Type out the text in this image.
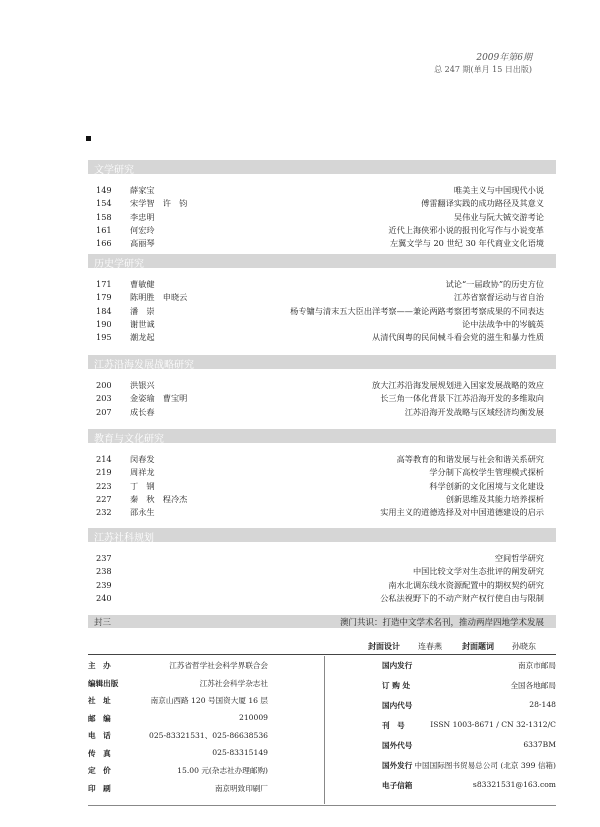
2009年第6期
总 247 期(单月 15 日出版)
文学研究
149 薛家宝	唯美主义与中国现代小说
154 宋学智　许　钧	傅雷翻译实践的成功路径及其意义
158 李忠明	吴伟业与阮大铖交游考论
161 何宏玲	近代上海侠邪小说的报刊化写作与小说变革
166 高丽琴	左翼文学与 20 世纪 30 年代商业文化语境
历史学研究
171 曹敏健	试论“一届政协”的历史方位
179 陈明胜　申晓云	江苏省察督运动与省自治
184 潘　崇	杨专镛与清末五大臣出洋考察——兼论两路考察团考察成果的不同表达
190 谢世诚	论中法战争中的岑毓英
195 潮龙起	从清代闽粤的民间械斗看会党的滋生和暴力性质
江苏沿海发展战略研究
200 洪银兴	放大江苏沿海发展规划进入国家发展战略的效应
203 金姿瑜　曹宝明	长三角一体化背景下江苏沿海开发的多维取向
207 成长春	江苏沿海开发战略与区域经济均衡发展
教育与文化研究
214 闵春发	高等教育的和谐发展与社会和谐关系研究
219 周祥龙	学分制下高校学生管理模式探析
223 丁　钢	科学创新的文化困境与文化建设
227 秦　秋　程冷杰	创新思维及其能力培养探析
232 邵永生	实用主义的道德选择及对中国道德建设的启示
江苏社科规划
237	空间哲学研究
238	中国比较文学对生态批评的阐发研究
239	南水北调东线水资源配置中的期权契约研究
240	公私法视野下的不动产财产权行使自由与限制
封三	澳门共识：打造中文学术名刊，推动两岸四地学术发展
封面设计 连春燕	封面题词 孙晓东
主　办	江苏省哲学社会科学界联合会
编辑出版	江苏社会科学杂志社
社　址	南京山西路 120 号国资大厦 16 层
邮　编	210009
电　话	025-83321531、025-86638536
传　真	025-83315149
定　价	15.00 元(杂志社办理邮购)
印　刷	南京明致印刷厂
国内发行	南京市邮局
订 购 处	全国各地邮局
国内代号	28-148
刊　号	ISSN 1003-8671 / CN 32-1312/C
国外代号	6337BM
国外发行 中国国际图书贸易总公司 (北京 399 信箱)
电子信箱	s83321531@163.com
